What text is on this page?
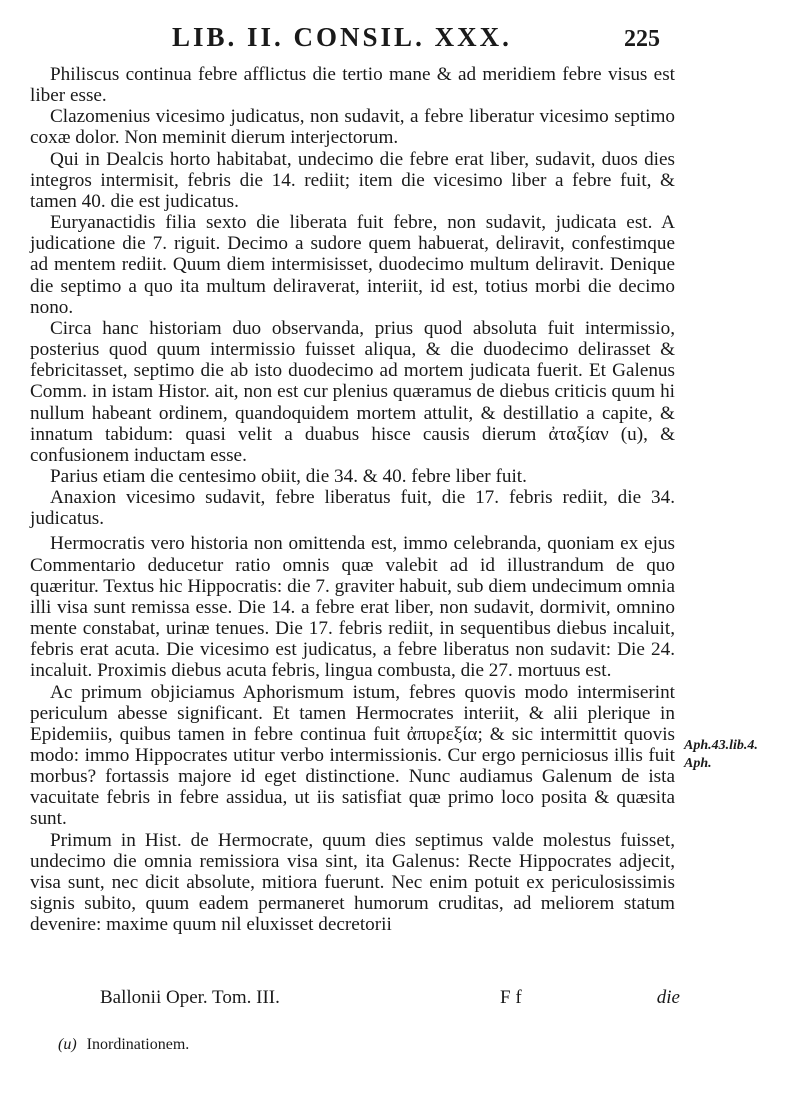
LIB. II. CONSIL. XXX.	225

Philiscus continua febre afflictus die tertio mane & ad meridiem febre visus est liber esse.

Clazomenius vicesimo judicatus, non sudavit, a febre liberatur vicesimo septimo coxæ dolor. Non meminit dierum interjectorum.

Qui in Dealcis horto habitabat, undecimo die febre erat liber, sudavit, duos dies integros intermisit, febris die 14. rediit; item die vicesimo liber a febre fuit, & tamen 40. die est judicatus.

Euryanactidis filia sexto die liberata fuit febre, non sudavit, judicata est. A judicatione die 7. riguit. Decimo a sudore quem habuerat, deliravit, confestimque ad mentem rediit. Quum diem intermisisset, duodecimo multum deliravit. Denique die septimo a quo ita multum deliraverat, interiit, id est, totius morbi die decimo nono.

Circa hanc historiam duo observanda, prius quod absoluta fuit intermissio, posterius quod quum intermissio fuisset aliqua, & die duodecimo delirasset & febricitasset, septimo die ab isto duodecimo ad mortem judicata fuerit. Et Galenus Comm. in istam Histor. ait, non est cur plenius quæramus de diebus criticis quum hi nullum habeant ordinem, quandoquidem mortem attulit, & destillatio a capite, & innatum tabidum: quasi velit a duabus hisce causis dierum ἀταξίαν (u), & confusionem inductam esse.

Parius etiam die centesimo obiit, die 34. & 40. febre liber fuit.

Anaxion vicesimo sudavit, febre liberatus fuit, die 17. febris rediit, die 34. judicatus.

Hermocratis vero historia non omittenda est, immo celebranda, quoniam ex ejus Commentario deducetur ratio omnis quæ valebit ad id illustrandum de quo quæritur. Textus hic Hippocratis: die 7. graviter habuit, sub diem undecimum omnia illi visa sunt remissa esse. Die 14. a febre erat liber, non sudavit, dormivit, omnino mente constabat, urinæ tenues. Die 17. febris rediit, in sequentibus diebus incaluit, febris erat acuta. Die vicesimo est judicatus, a febre liberatus non sudavit: Die 24. incaluit. Proximis diebus acuta febris, lingua combusta, die 27. mortuus est.

Ac primum objiciamus Aphorismum istum, febres quovis modo intermiserint periculum abesse significant. Et tamen Hermocrates interiit, & alii plerique in Epidemiis, quibus tamen in febre continua fuit ἀπυρεξία; & sic intermittit quovis modo: immo Hippocrates utitur verbo intermissionis. Cur ergo perniciosus illis fuit morbus? fortassis majore id eget distinctione. Nunc audiamus Galenum de ista vacuitate febris in febre assidua, ut iis satisfiat quæ primo loco posita & quæsita sunt.

Primum in Hist. de Hermocrate, quum dies septimus valde molestus fuisset, undecimo die omnia remissiora visa sint, ita Galenus: Recte Hippocrates adjecit, visa sunt, nec dicit absolute, mitiora fuerunt. Nec enim potuit ex periculosissimis signis subito, quum eadem permaneret humorum cruditas, ad meliorem statum devenire: maxime quum nil eluxisset decretorii

Aph.43.lib.4.
Aph.
Ballonii Oper. Tom. III.	F f	die
(u) Inordinationem.
